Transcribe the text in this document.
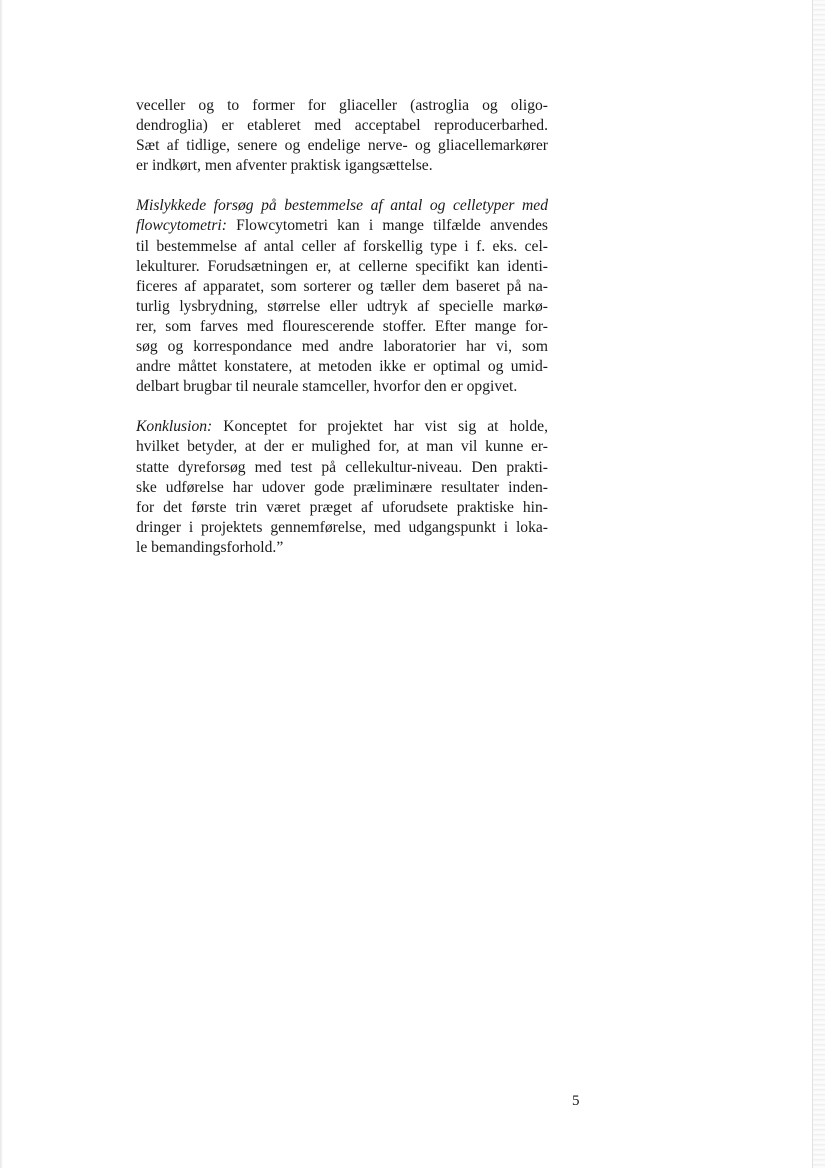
veceller og to former for gliaceller (astroglia og oligo-
dendroglia) er etableret med acceptabel reproducerbarhed.
Sæt af tidlige, senere og endelige nerve- og gliacellemarkører
er indkørt, men afventer praktisk igangsættelse.

Mislykkede forsøg på bestemmelse af antal og celletyper med
flowcytometri: Flowcytometri kan i mange tilfælde anvendes
til bestemmelse af antal celler af forskellig type i f. eks. cel-
lekulturer. Forudsætningen er, at cellerne specifikt kan identi-
ficeres af apparatet, som sorterer og tæller dem baseret på na-
turlig lysbrydning, størrelse eller udtryk af specielle markø-
rer, som farves med flourescerende stoffer. Efter mange for-
søg og korrespondance med andre laboratorier har vi, som
andre måttet konstatere, at metoden ikke er optimal og umid-
delbart brugbar til neurale stamceller, hvorfor den er opgivet.

Konklusion: Konceptet for projektet har vist sig at holde,
hvilket betyder, at der er mulighed for, at man vil kunne er-
statte dyreforsøg med test på cellekultur-niveau. Den prakti-
ske udførelse har udover gode præliminære resultater inden-
for det første trin været præget af uforudsete praktiske hin-
dringer i projektets gennemførelse, med udgangspunkt i loka-
le bemandingsforhold.”

5
